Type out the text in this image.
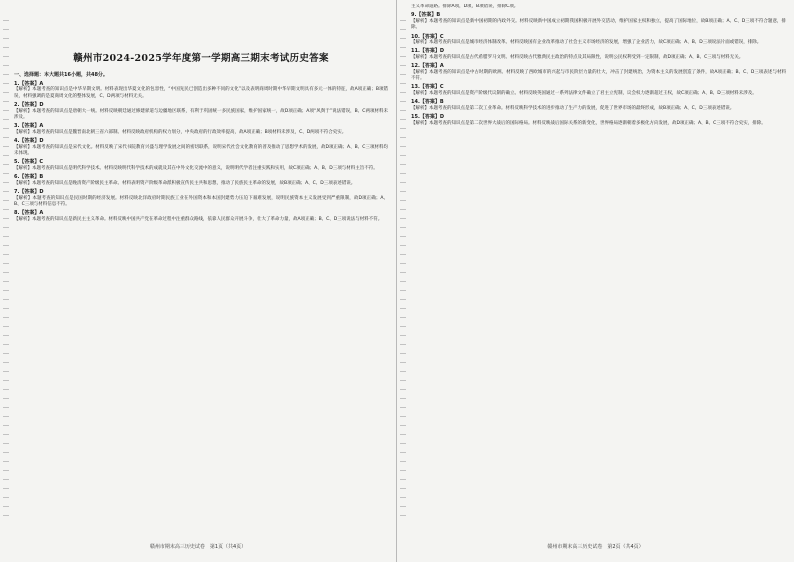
赣州市2024-2025学年度第一学期高三期末考试历史答案
一、选择题：本大题共16小题，共48分。
1.【答案】A
【解析】本题考查的知识点是中华早期文明。材料表现出华夏文化的包容性，“中国先民已创造出多种不同的文化”以及表明商周时期中华早期文明具有多元一体的特征，故A项正确；B项错误，材料强调的是夏商周文化的整体发展，C、D两项与材料无关。
2.【答案】D
【解析】本题考查的知识点是唐朝大一统。材料反映朝廷通过修建驿道与边疆地区联系，有利于巩固统一多民族国家，维护国家统一，故D项正确；A项“风舆于”说法错误，B、C两项材料未涉及。
3.【答案】A
【解析】本题考查的知识点是魏晋南北朝三省六部制。材料反映政府机构的权力划分，中央政府的行政效率提高，故A项正确；B项材料未涉及，C、D两项不符合史实。
4.【答案】D
【解析】本题考查的知识点是宋代文化。材料反映了宋代书院教育兴盛与理学发展之间的密切联系，说明宋代社会文化教育的普及推动了思想学术的发展，故D项正确；A、B、C三项材料均未体现。
5.【答案】C
【解析】本题考查的知识点是明代科学技术。材料反映明代科学技术的成就及其在中外文化交流中的意义，说明明代学者注重实践和实用，故C项正确；A、B、D三项与材料主旨不符。
6.【答案】B
【解析】本题考查的知识点是晚清资产阶级民主革命。材料表明资产阶级革命派积极宣传民主共和思想，推动了民族民主革命的发展，故B项正确；A、C、D三项表述错误。
7.【答案】D
【解析】本题考查的知识点是民国时期的经济发展。材料反映北洋政府时期民族工业在外国资本和本国封建势力压迫下艰难发展，说明民族资本主义发展受到严重限制，故D项正确；A、B、C三项与材料信息不符。
8.【答案】A
【解析】本题考查的知识点是新民主主义革命。材料反映中国共产党在革命过程中注重群众路线，依靠人民群众开展斗争，壮大了革命力量，故A项正确；B、C、D三项说法与材料不符。
赣州市期末高三历史试卷　第1页（共4页）
主义革命道路。排除A项，D项，B项错误，排除C项。
9.【答案】B
【解析】本题考查的知识点是新中国初期的内政外交。材料反映新中国成立初期我国积极开展外交活动，维护国家主权和独立，提高了国际地位，故B项正确；A、C、D三项不符合题意，排除。
10.【答案】C
【解析】本题考查的知识点是城市经济体制改革。材料反映国有企业改革推动了社会主义市场经济的发展，增强了企业活力，故C项正确；A、B、D三项说法片面或错误，排除。
11.【答案】D
【解析】本题考查的知识点是古代希腊罗马文明。材料反映古代雅典民主政治的特点及其局限性，说明公民权利受到一定限制，故D项正确；A、B、C三项与材料无关。
12.【答案】A
【解析】本题考查的知识点是中古时期的欧洲。材料反映了西欧城市的兴起与市民阶层力量的壮大，冲击了封建统治，为资本主义的发展创造了条件，故A项正确；B、C、D三项表述与材料不符。
13.【答案】C
【解析】本题考查的知识点是资产阶级代议制的确立。材料反映英国通过一系列法律文件确立了君主立宪制，议会权力逐渐超过王权，故C项正确；A、B、D三项材料未涉及。
14.【答案】B
【解析】本题考查的知识点是第二次工业革命。材料反映科学技术的进步推动了生产力的发展，促进了世界市场的最终形成，故B项正确；A、C、D三项表述错误。
15.【答案】D
【解析】本题考查的知识点是第二次世界大战后的国际格局。材料反映战后国际关系的新变化，世界格局逐渐朝着多极化方向发展，故D项正确；A、B、C三项不符合史实，排除。
赣州市期末高三历史试卷　第2页（共4页）
